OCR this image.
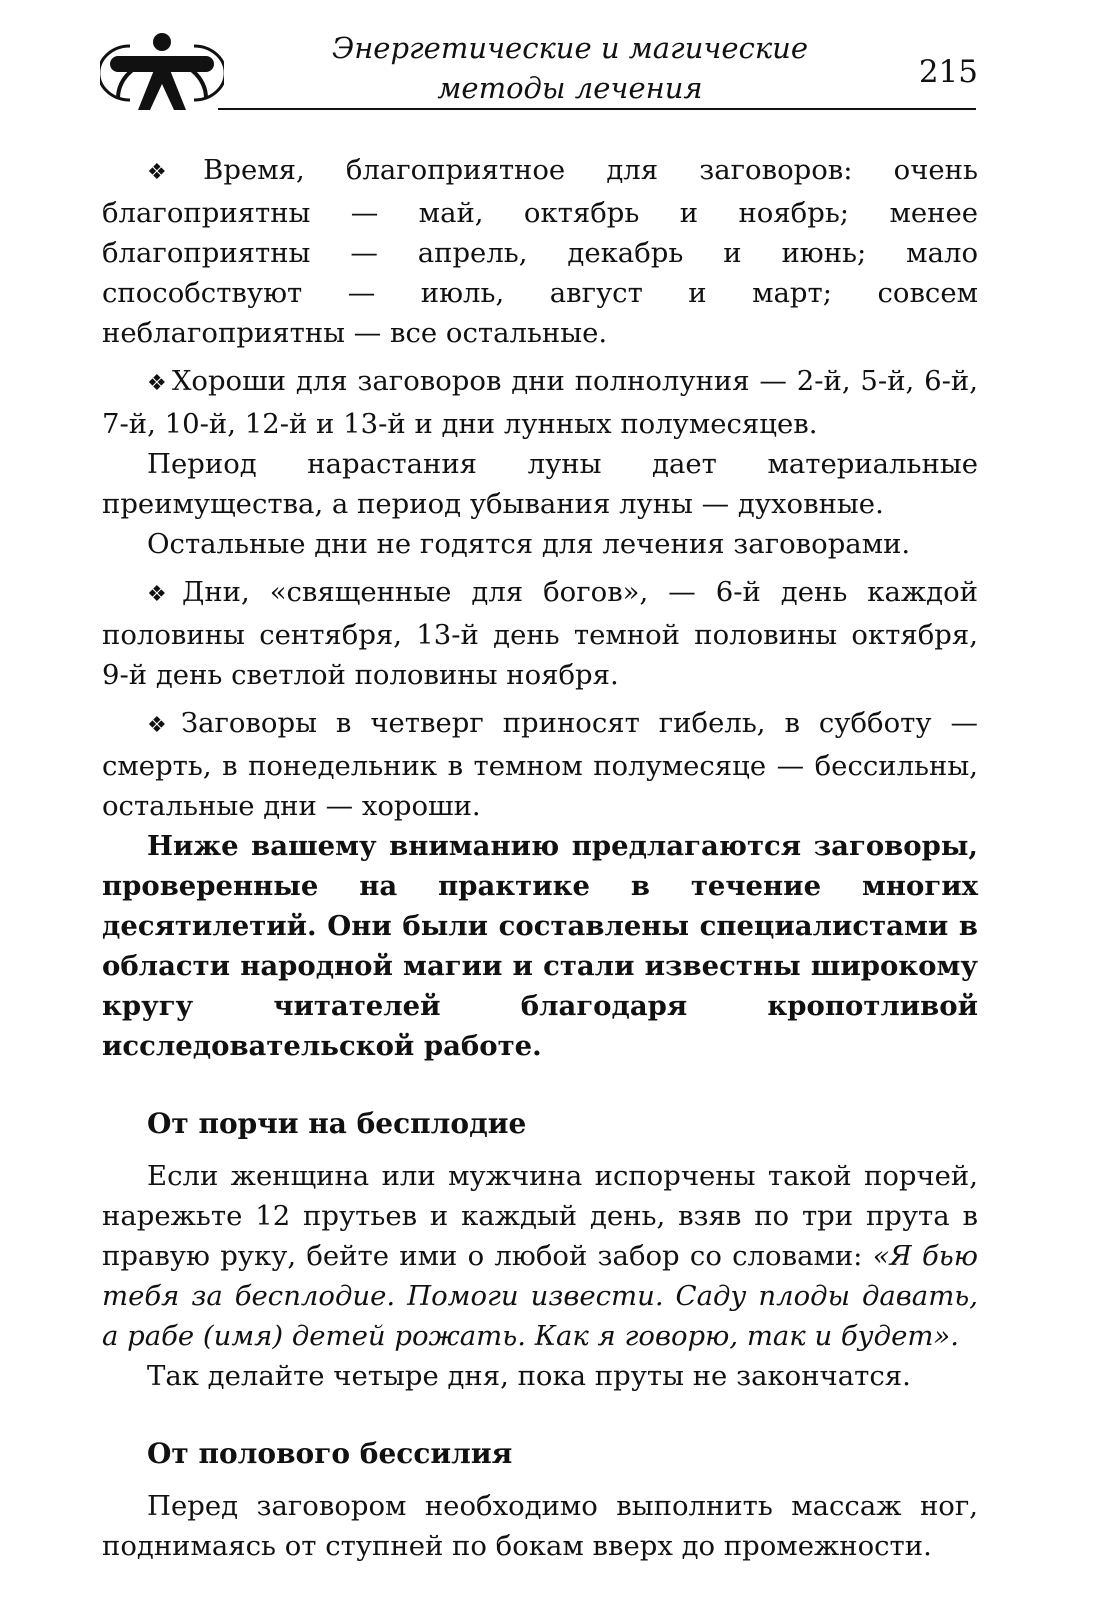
Энергетические и магические
методы лечения	215

❖ Время, благоприятное для заговоров: очень благоприятны — май, октябрь и ноябрь; менее благоприятны — апрель, декабрь и июнь; мало способствуют — июль, август и март; совсем неблагоприятны — все остальные.

❖ Хороши для заговоров дни полнолуния — 2-й, 5-й, 6-й, 7-й, 10-й, 12-й и 13-й и дни лунных полумесяцев.

Период нарастания луны дает материальные преимущества, а период убывания луны — духовные.

Остальные дни не годятся для лечения заговорами.

❖ Дни, «священные для богов», — 6-й день каждой половины сентября, 13-й день темной половины октября, 9-й день светлой половины ноября.

❖ Заговоры в четверг приносят гибель, в субботу — смерть, в понедельник в темном полумесяце — бессильны, остальные дни — хороши.

Ниже вашему вниманию предлагаются заговоры, проверенные на практике в течение многих десятилетий. Они были составлены специалистами в области народной магии и стали известны широкому кругу читателей благодаря кропотливой исследовательской работе.

От порчи на бесплодие

Если женщина или мужчина испорчены такой порчей, нарежьте 12 прутьев и каждый день, взяв по три прута в правую руку, бейте ими о любой забор со словами: «Я бью тебя за бесплодие. Помоги извести. Саду плоды давать, а рабе (имя) детей рожать. Как я говорю, так и будет».

Так делайте четыре дня, пока пруты не закончатся.

От полового бессилия

Перед заговором необходимо выполнить массаж ног, поднимаясь от ступней по бокам вверх до промежности.
